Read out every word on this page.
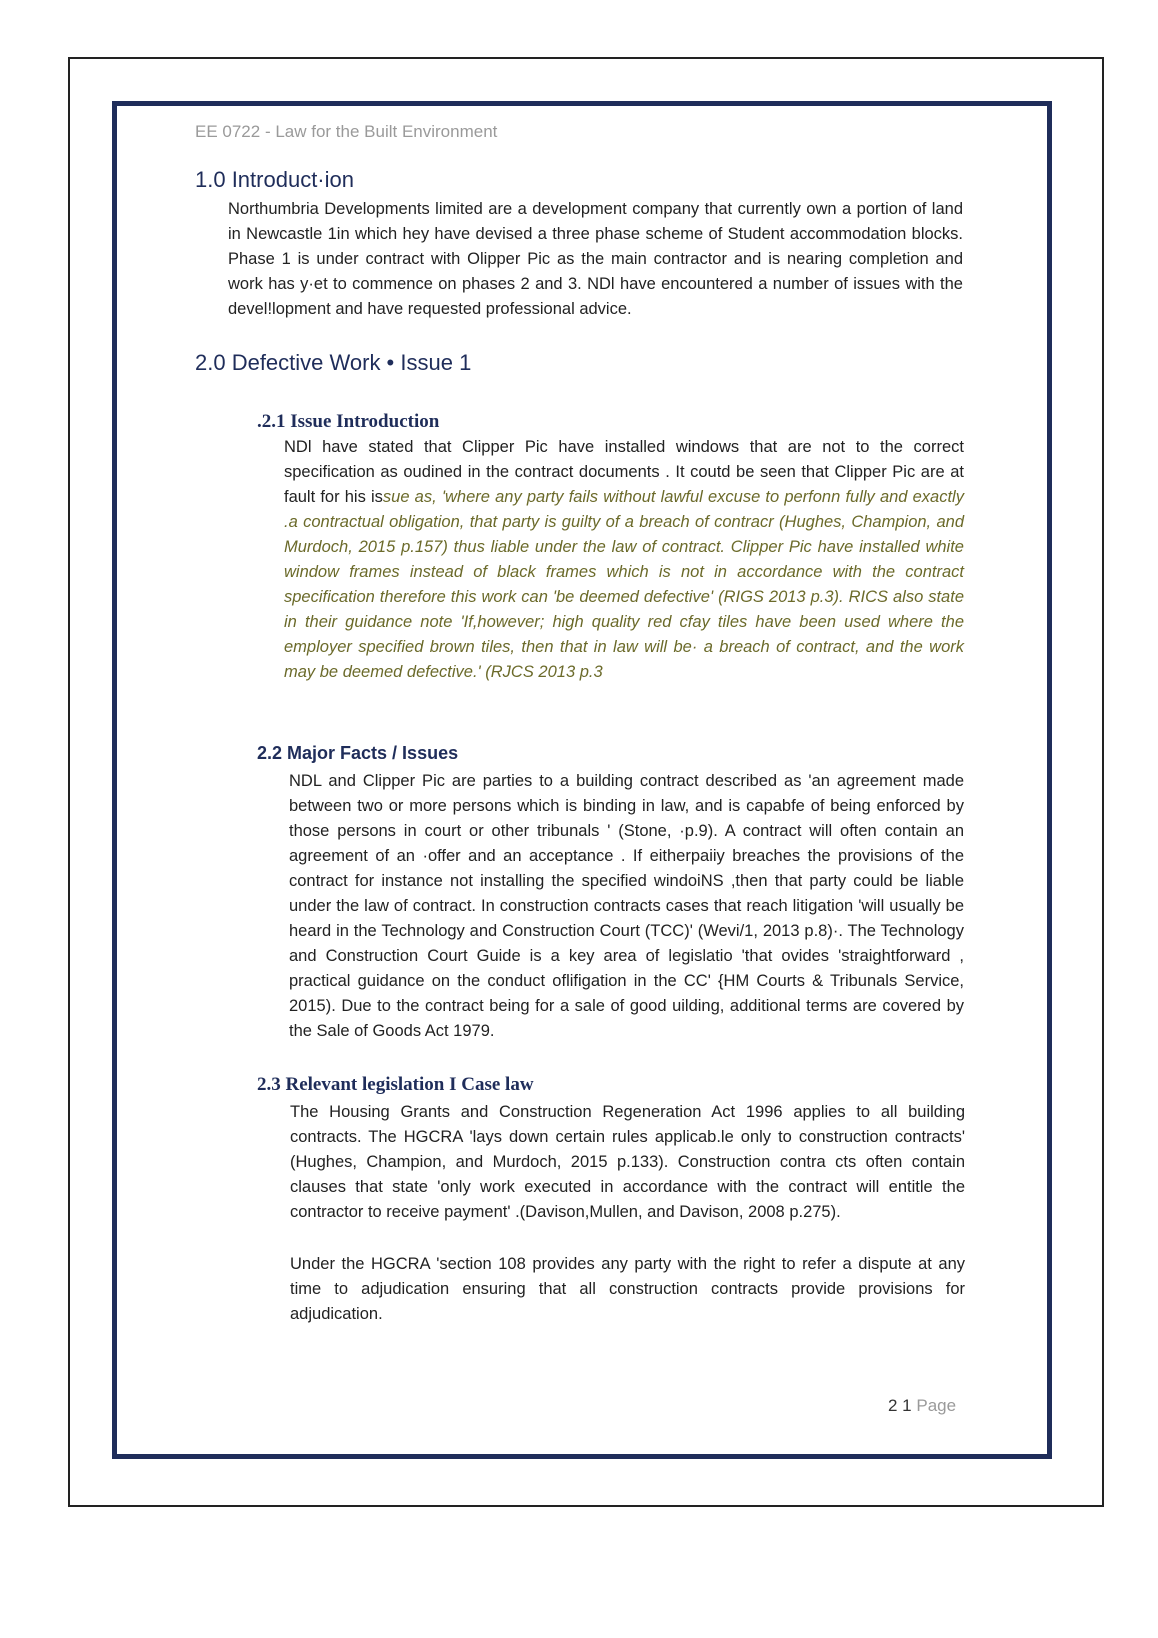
EE 0722 - Law for the Built Environment
1.0 Introduct·ion

Northumbria Developments limited are a development company that currently own a portion of land in Newcastle 1in which hey have devised a three phase scheme of Student accommodation blocks. Phase 1 is under contract with Olipper Pic as the main contractor and is nearing completion and work has y·et to commence on phases 2 and 3. NDl have encountered a number of issues with the devel!lopment and have requested professional advice.

2.0 Defective Work • Issue 1
.2.1 Issue Introduction

NDl have stated that Clipper Pic have installed windows that are not to the correct specification as oudined in the contract documents . It coutd be seen that Clipper Pic are at fault for his issue as, 'where any party fails without lawful excuse to perfonn fully and exactly .a contractual obligation, that party is guilty of a breach of contracr (Hughes, Champion, and Murdoch, 2015 p.157) thus liable under the law of contract. Clipper Pic have installed white window frames instead of black frames which is not in accordance with the contract specification therefore this work can 'be deemed defective' (RIGS 2013 p.3). RICS also state in their guidance note 'If,however; high quality red cfay tiles have been used where the employer specified brown tiles, then that in law will be· a breach of contract, and the work may be deemed defective.' (RJCS 2013 p.3

2.2 Major Facts / Issues

NDL and Clipper Pic are parties to a building contract described as 'an agreement made between two or more persons which is binding in law, and is capabfe of being enforced by those persons in court or other tribunals ' (Stone, ·p.9). A contract will often contain an agreement of an ·offer and an acceptance . If eitherpaiiy breaches the provisions of the contract for instance not installing the specified windoiNS ,then that party could be liable under the law of contract. In construction contracts cases that reach litigation 'will usually be heard in the Technology and Construction Court (TCC)' (Wevi/1, 2013 p.8)·. The Technology and Construction Court Guide is a key area of legislatio 'that ovides 'straightforward , practical guidance on the conduct oflifigation in the CC' {HM Courts & Tribunals Service, 2015). Due to the contract being for a sale of good uilding, additional terms are covered by the Sale of Goods Act 1979.

2.3 Relevant legislation I Case law

The Housing Grants and Construction Regeneration Act 1996 applies to all building contracts. The HGCRA 'lays down certain rules applicab.le only to construction contracts' (Hughes, Champion, and Murdoch, 2015 p.133). Construction contra cts often contain clauses that state 'only work executed in accordance with the contract will entitle the contractor to receive payment' .(Davison,Mullen, and Davison, 2008 p.275).

Under the HGCRA 'section 108 provides any party with the right to refer a dispute at any time to adjudication ensuring that all construction contracts provide provisions for adjudication.

2 1 Page
